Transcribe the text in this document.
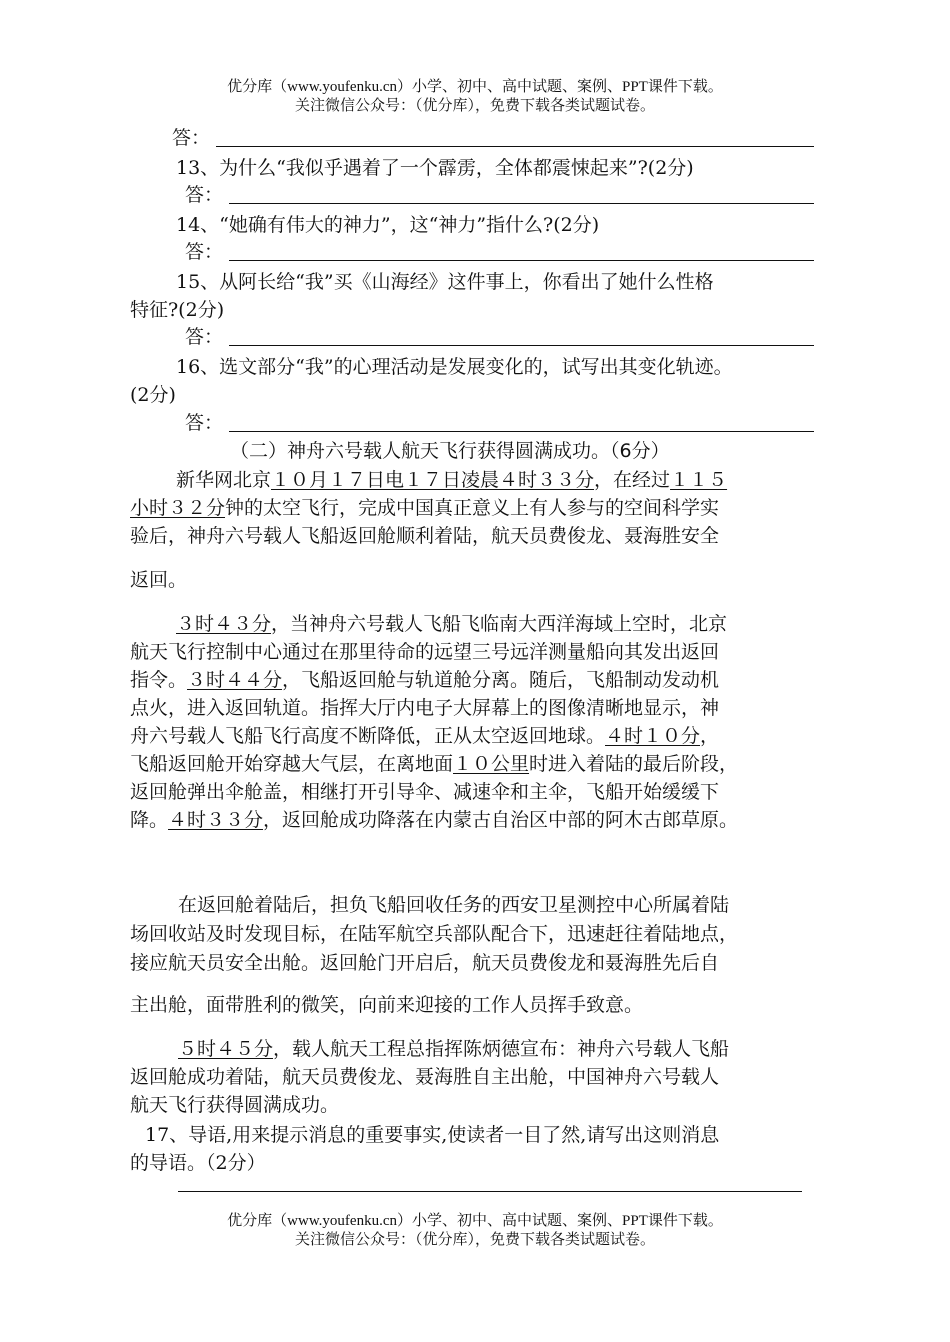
优分库（www.youfenku.cn）小学、初中、高中试题、案例、PPT课件下载。
关注微信公众号：（优分库），免费下载各类试题试卷。
答：
13、为什么“我似乎遇着了一个霹雳，全体都震悚起来”?(2分)
答：
14、“她确有伟大的神力”，这“神力”指什么?(2分)
答：
15、从阿长给“我”买《山海经》这件事上，你看出了她什么性格
特征?(2分)
答：
16、选文部分“我”的心理活动是发展变化的，试写出其变化轨迹。
(2分)
答：
（二）神舟六号载人航天飞行获得圆满成功。（6分）
新华网北京１０月１７日电１７日凌晨４时３３分，在经过１１５
小时３２分钟的太空飞行，完成中国真正意义上有人参与的空间科学实
验后，神舟六号载人飞船返回舱顺利着陆，航天员费俊龙、聂海胜安全
返回。
３时４３分，当神舟六号载人飞船飞临南大西洋海域上空时，北京
航天飞行控制中心通过在那里待命的远望三号远洋测量船向其发出返回
指令。３时４４分，飞船返回舱与轨道舱分离。随后，飞船制动发动机
点火，进入返回轨道。指挥大厅内电子大屏幕上的图像清晰地显示，神
舟六号载人飞船飞行高度不断降低，正从太空返回地球。４时１０分，
飞船返回舱开始穿越大气层，在离地面１０公里时进入着陆的最后阶段，
返回舱弹出伞舱盖，相继打开引导伞、减速伞和主伞，飞船开始缓缓下
降。４时３３分，返回舱成功降落在内蒙古自治区中部的阿木古郎草原。
在返回舱着陆后，担负飞船回收任务的西安卫星测控中心所属着陆
场回收站及时发现目标，在陆军航空兵部队配合下，迅速赶往着陆地点，
接应航天员安全出舱。返回舱门开启后，航天员费俊龙和聂海胜先后自
主出舱，面带胜利的微笑，向前来迎接的工作人员挥手致意。
５时４５分，载人航天工程总指挥陈炳德宣布：神舟六号载人飞船
返回舱成功着陆，航天员费俊龙、聂海胜自主出舱，中国神舟六号载人
航天飞行获得圆满成功。
17、导语,用来提示消息的重要事实,使读者一目了然,请写出这则消息
的导语。（2分）
优分库（www.youfenku.cn）小学、初中、高中试题、案例、PPT课件下载。
关注微信公众号：（优分库），免费下载各类试题试卷。
